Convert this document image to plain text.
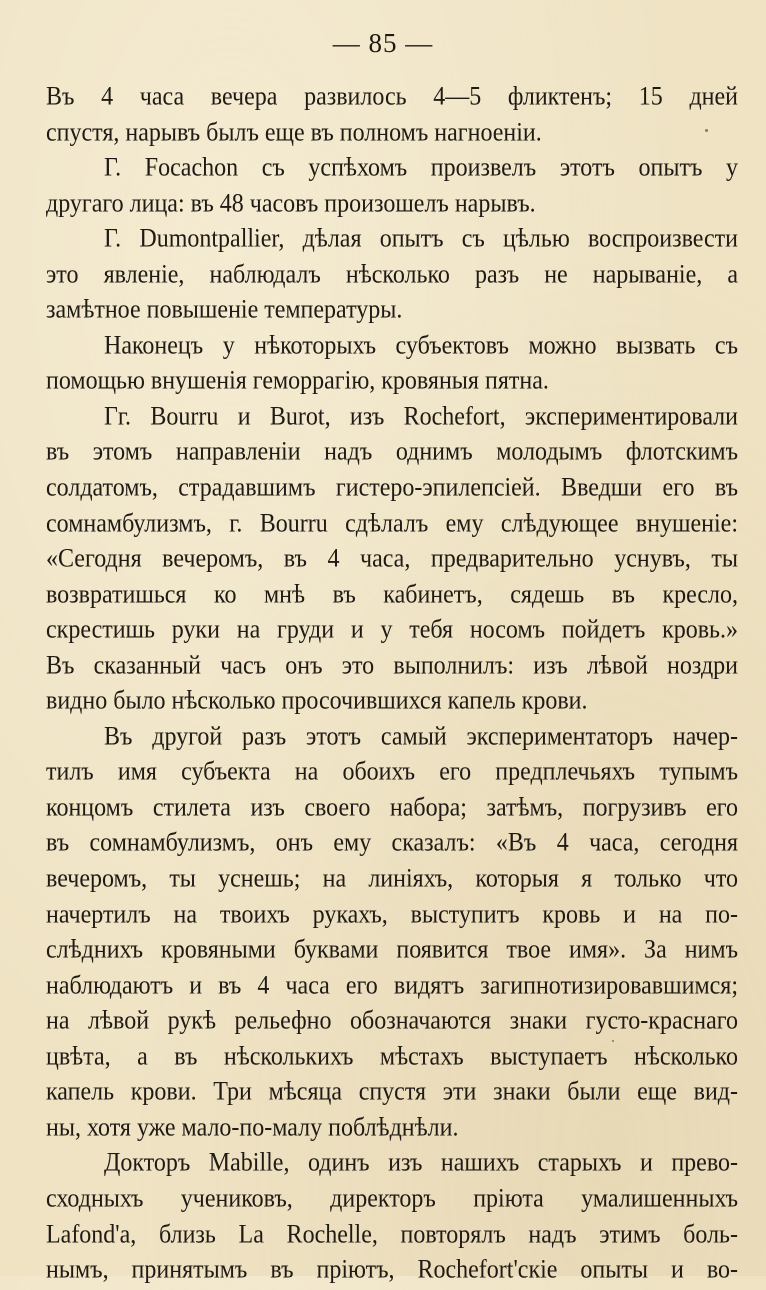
— 85 —
Въ 4 часа вечера развилось 4—5 фликтенъ; 15 дней
спустя, нарывъ былъ еще въ полномъ нагноеніи.
Г. Focachon съ успѣхомъ произвелъ этотъ опытъ у
другаго лица: въ 48 часовъ произошелъ нарывъ.
Г. Dumontpallier, дѣлая опытъ съ цѣлью воспроизвести
это явленіе, наблюдалъ нѣсколько разъ не нарываніе, а
замѣтное повышеніе температуры.
Наконецъ у нѣкоторыхъ субъектовъ можно вызвать съ
помощью внушенія геморрагію, кровяныя пятна.
Гг. Bourru и Burot, изъ Rochefort, экспериментировали
въ этомъ направленіи надъ однимъ молодымъ флотскимъ
солдатомъ, страдавшимъ гистеро-эпилепсіей. Введши его въ
сомнамбулизмъ, г. Bourru сдѣлалъ ему слѣдующее внушеніе:
«Сегодня вечеромъ, въ 4 часа, предварительно уснувъ, ты
возвратишься ко мнѣ въ кабинетъ, сядешь въ кресло,
скрестишь руки на груди и у тебя носомъ пойдетъ кровь.»
Въ сказанный часъ онъ это выполнилъ: изъ лѣвой ноздри
видно было нѣсколько просочившихся капель крови.
Въ другой разъ этотъ самый экспериментаторъ начер-
тилъ имя субъекта на обоихъ его предплечьяхъ тупымъ
концомъ стилета изъ своего набора; затѣмъ, погрузивъ его
въ сомнамбулизмъ, онъ ему сказалъ: «Въ 4 часа, сегодня
вечеромъ, ты уснешь; на линіяхъ, которыя я только что
начертилъ на твоихъ рукахъ, выступитъ кровь и на по-
слѣднихъ кровяными буквами появится твое имя». За нимъ
наблюдаютъ и въ 4 часа его видятъ загипнотизировавшимся;
на лѣвой рукѣ рельефно обозначаются знаки густо-краснаго
цвѣта, а въ нѣсколькихъ мѣстахъ выступаетъ нѣсколько
капель крови. Три мѣсяца спустя эти знаки были еще вид-
ны, хотя уже мало-по-малу поблѣднѣли.
Докторъ Mabille, одинъ изъ нашихъ старыхъ и прево-
сходныхъ учениковъ, директоръ пріюта умалишенныхъ
Lafond'а, близь La Rochelle, повторялъ надъ этимъ боль-
нымъ, принятымъ въ пріютъ, Rochefort'скіе опыты и во-
